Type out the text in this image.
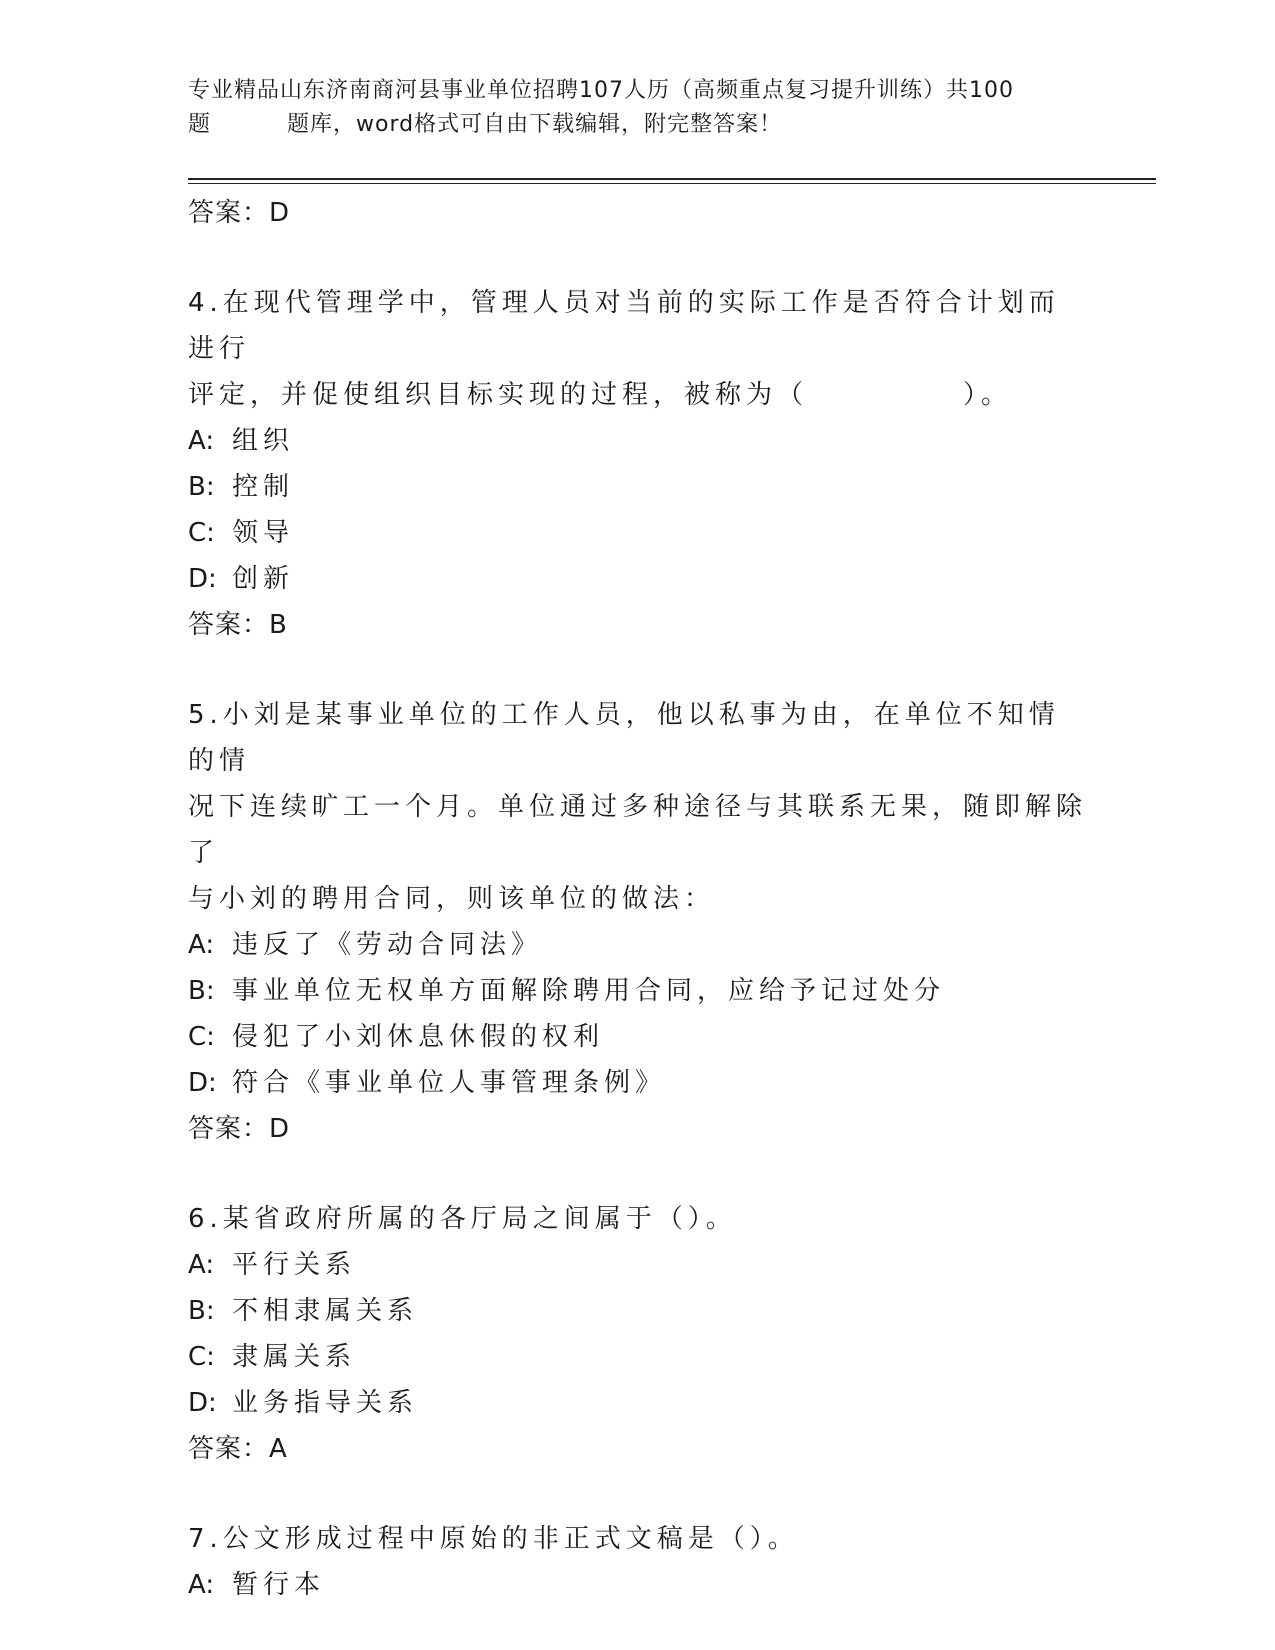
专业精品山东济南商河县事业单位招聘107人历（高频重点复习提升训练）共100
题	题库，word格式可自由下载编辑，附完整答案！
答案：D

4.在现代管理学中，管理人员对当前的实际工作是否符合计划而进行

评定，并促使组织目标实现的过程，被称为（　　　　　）。

A: 组织
B: 控制
C: 领导
D: 创新
答案：B

5.小刘是某事业单位的工作人员，他以私事为由，在单位不知情的情

况下连续旷工一个月。单位通过多种途径与其联系无果，随即解除了

与小刘的聘用合同，则该单位的做法：

A: 违反了《劳动合同法》
B: 事业单位无权单方面解除聘用合同，应给予记过处分
C: 侵犯了小刘休息休假的权利
D: 符合《事业单位人事管理条例》
答案：D

6.某省政府所属的各厅局之间属于（）。

A: 平行关系
B: 不相隶属关系
C: 隶属关系
D: 业务指导关系
答案：A

7.公文形成过程中原始的非正式文稿是（）。

A: 暂行本
